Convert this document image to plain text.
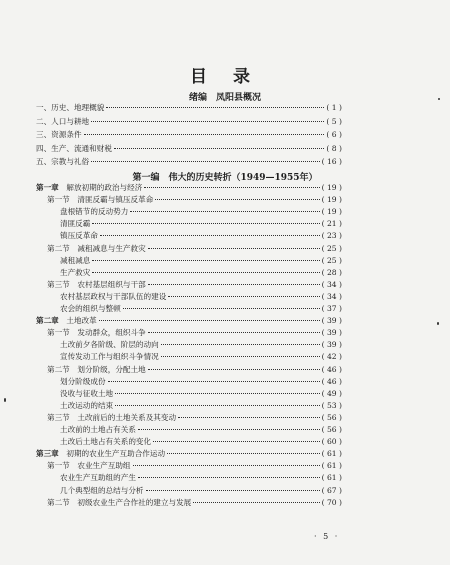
目 录
绪编　凤阳县概况
一、历史、地理概貌	( 1 )
二、人口与耕地	( 5 )
三、资源条件	( 6 )
四、生产、流通和财税	( 8 )
五、宗教与礼俗	( 16 )
第一编　伟大的历史转折（1949—1955年）
第一章  解放初期的政治与经济	( 19 )
第一节  清匪反霸与镇压反革命	( 19 )
盘根错节的反动势力	( 19 )
清匪反霸	( 21 )
镇压反革命	( 23 )
第二节  减租减息与生产救灾	( 25 )
减租减息	( 25 )
生产救灾	( 28 )
第三节  农村基层组织与干部	( 34 )
农村基层政权与干部队伍的建设	( 34 )
农会的组织与整顿	( 37 )
第二章  土地改革	( 39 )
第一节  发动群众，组织斗争	( 39 )
土改前夕各阶级、阶层的动向	( 39 )
宣传发动工作与组织斗争情况	( 42 )
第二节  划分阶级，分配土地	( 46 )
划分阶级成份	( 46 )
没收与征收土地	( 49 )
土改运动的结束	( 53 )
第三节  土改前后的土地关系及其变动	( 56 )
土改前的土地占有关系	( 56 )
土改后土地占有关系的变化	( 60 )
第三章  初期的农业生产互助合作运动	( 61 )
第一节  农业生产互助组	( 61 )
农业生产互助组的产生	( 61 )
几个典型组的总结与分析	( 67 )
第二节  初级农业生产合作社的建立与发展	( 70 )
· 5 ·
